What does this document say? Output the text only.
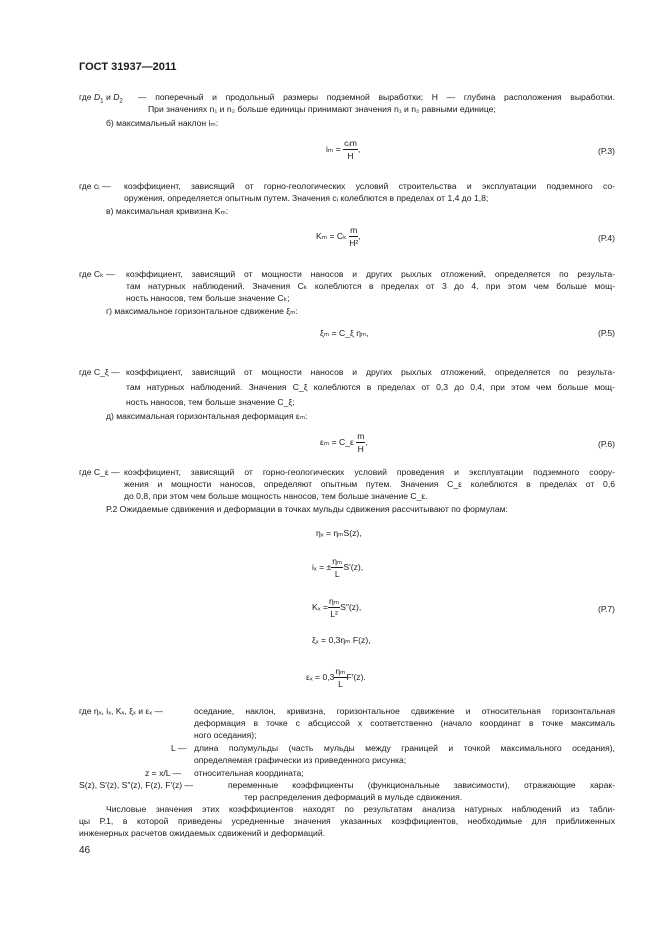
ГОСТ 31937—2011
где $D_1$ и $D_2$ — поперечный и продольный размеры подземной выработки; H — глубина расположения выработки.
При значениях n₁ и n₂ больше единицы принимают значения n₁ и n₂ равными единице;
б) максимальный наклон iₘ:
$i_m = \frac{\text{cᵢm}}{H}$ ,	(Р.3)
где cᵢ — коэффициент, зависящий от горно-геологических условий строительства и эксплуатации подземного со-
оружения, определяется опытным путем. Значения cᵢ колеблются в пределах от 1,4 до 1,8;
в) максимальная кривизна Kₘ:
Kₘ = Cₖ $\frac{m}{\text{H²}}$ ,	(Р.4)
где Cₖ — коэффициент, зависящий от мощности наносов и других рыхлых отложений, определяется по результа-
там натурных наблюдений. Значения Cₖ колеблются в пределах от 3 до 4, при этом чем больше мощ-
ность наносов, тем больше значение Cₖ;
г) максимальное горизонтальное сдвижение ξₘ:
ξₘ = C_ξ ηₘ,	(Р.5)
где C_ξ — коэффициент, зависящий от мощности наносов и других рыхлых отложений, определяется по результа-
там натурных наблюдений. Значения C_ξ колеблются в пределах от 0,3 до 0,4, при этом чем больше мощ-
ность наносов, тем больше значение C_ξ;
д) максимальная горизонтальная деформация εₘ:
εₘ = C_ε $\frac{m}{H}$ ,	(Р.6)
где C_ε — коэффициент, зависящий от горно-геологических условий проведения и эксплуатации подземного соору-
жения и мощности наносов, определяют опытным путем. Значения C_ε колеблются в пределах от 0,6
до 0,8, при этом чем больше мощность наносов, тем больше значение C_ε.
Р.2 Ожидаемые сдвижения и деформации в точках мульды сдвижения рассчитывают по формулам:
ηₓ = ηₘS(z),
iₓ = ± $\frac{\text{ηₘ}}{L} S'(z)$,
$K_x = \frac{\text{ηₘ}}{\text{L²}} S''(z)$,	(Р.7)
ξₓ = 0,3ηₘ F(z),
$\varepsilon_x = 0,3 \frac{\text{ηₘ}}{L} F'(z)$.
где ηₓ, iₓ, Kₓ, ξₓ и εₓ —	оседание, наклон, кривизна, горизонтальное сдвижение и относительная горизонтальная
деформация в точке с абсциссой x соответственно (начало координат в точке максималь
ного оседания);
L — длина полумульды (часть мульды между границей и точкой максимального оседания),
определяемая графически из приведенного рисунка;
z = x/L — относительная координата;
S(z), S′(z), S″(z), F(z), F′(z) —	переменные коэффициенты (функциональные зависимости), отражающие харак-
тер распределения деформаций в мульде сдвижения.
Числовые значения этих коэффициентов находят по результатам анализа натурных наблюдений из табли-
цы Р.1, в которой приведены усредненные значения указанных коэффициентов, необходимые для приближенных
инженерных расчетов ожидаемых сдвижений и деформаций.
46
